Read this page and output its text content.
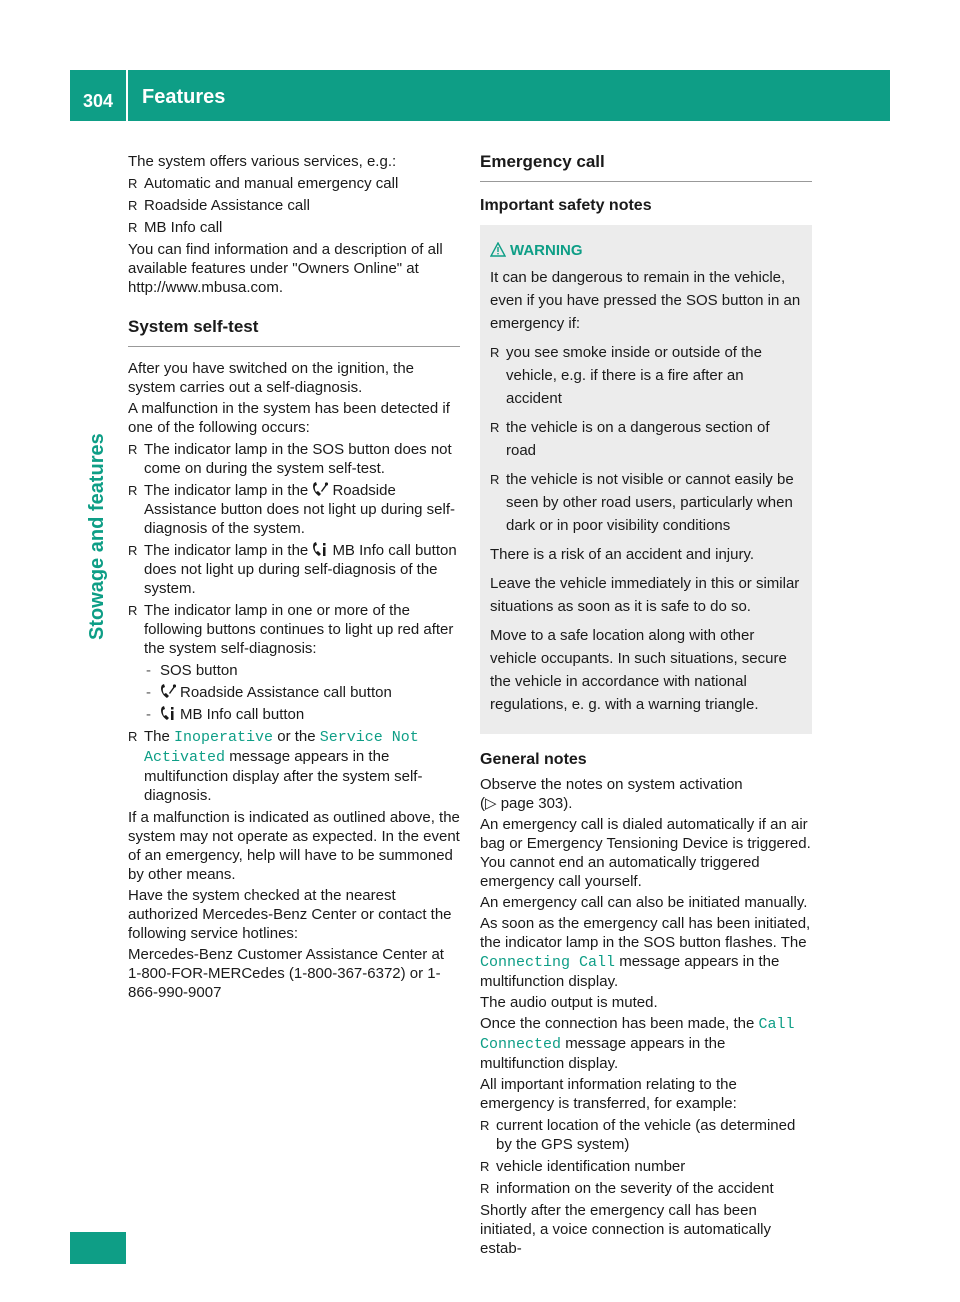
304	Features
Stowage and features

The system offers various services, e.g.:

R Automatic and manual emergency call
R Roadside Assistance call
R MB Info call

You can find information and a description of all available features under "Owners Online" at http://www.mbusa.com.

System self-test

After you have switched on the ignition, the system carries out a self-diagnosis.

A malfunction in the system has been detected if one of the following occurs:

R The indicator lamp in the SOS button does not come on during the system self-test.
R The indicator lamp in the Roadside Assistance button does not light up during self-diagnosis of the system.
R The indicator lamp in the MB Info call button does not light up during self-diagnosis of the system.
R The indicator lamp in one or more of the following buttons continues to light up red after the system self-diagnosis:
- SOS button
- Roadside Assistance call button
- MB Info call button
R The Inoperative or the Service Not Activated message appears in the multifunction display after the system self-diagnosis.

If a malfunction is indicated as outlined above, the system may not operate as expected. In the event of an emergency, help will have to be summoned by other means.

Have the system checked at the nearest authorized Mercedes-Benz Center or contact the following service hotlines:

Mercedes-Benz Customer Assistance Center at 1-800-FOR-MERCedes (1-800-367-6372) or 1-866-990-9007

Emergency call
Important safety notes
WARNING

It can be dangerous to remain in the vehicle, even if you have pressed the SOS button in an emergency if:

R you see smoke inside or outside of the vehicle, e.g. if there is a fire after an accident
R the vehicle is on a dangerous section of road
R the vehicle is not visible or cannot easily be seen by other road users, particularly when dark or in poor visibility conditions

There is a risk of an accident and injury.

Leave the vehicle immediately in this or similar situations as soon as it is safe to do so.

Move to a safe location along with other vehicle occupants. In such situations, secure the vehicle in accordance with national regulations, e. g. with a warning triangle.

General notes

Observe the notes on system activation
(▷ page 303).

An emergency call is dialed automatically if an air bag or Emergency Tensioning Device is triggered. You cannot end an automatically triggered emergency call yourself.

An emergency call can also be initiated manually.

As soon as the emergency call has been initiated, the indicator lamp in the SOS button flashes. The Connecting Call message appears in the multifunction display.

The audio output is muted.

Once the connection has been made, the Call Connected message appears in the multifunction display.

All important information relating to the emergency is transferred, for example:

R current location of the vehicle (as determined by the GPS system)
R vehicle identification number
R information on the severity of the accident

Shortly after the emergency call has been initiated, a voice connection is automatically estab-
